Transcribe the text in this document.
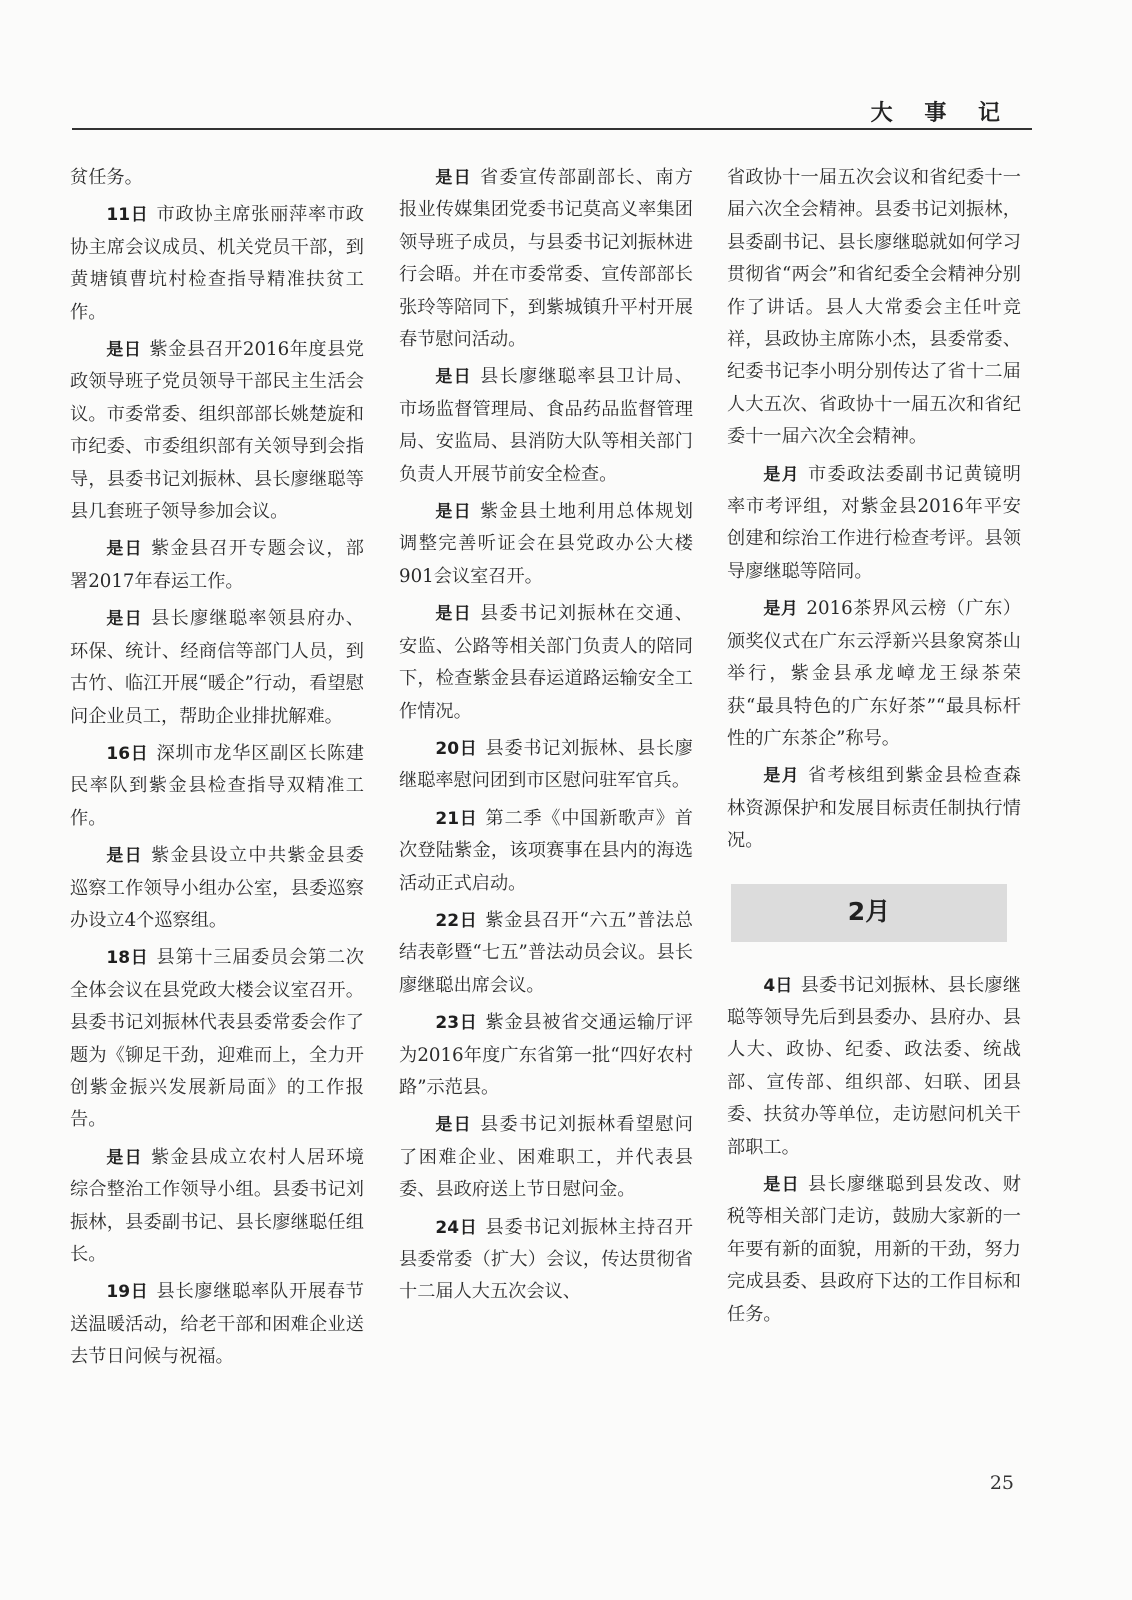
大 事 记

贫任务。

11日 市政协主席张丽萍率市政协主席会议成员、机关党员干部，到黄塘镇曹坑村检查指导精准扶贫工作。

是日 紫金县召开2016年度县党政领导班子党员领导干部民主生活会议。市委常委、组织部部长姚楚旋和市纪委、市委组织部有关领导到会指导，县委书记刘振林、县长廖继聪等县几套班子领导参加会议。

是日 紫金县召开专题会议，部署2017年春运工作。

是日 县长廖继聪率领县府办、环保、统计、经商信等部门人员，到古竹、临江开展“暖企”行动，看望慰问企业员工，帮助企业排扰解难。

16日 深圳市龙华区副区长陈建民率队到紫金县检查指导双精准工作。

是日 紫金县设立中共紫金县委巡察工作领导小组办公室，县委巡察办设立4个巡察组。

18日 县第十三届委员会第二次全体会议在县党政大楼会议室召开。县委书记刘振林代表县委常委会作了题为《铆足干劲，迎难而上，全力开创紫金振兴发展新局面》的工作报告。

是日 紫金县成立农村人居环境综合整治工作领导小组。县委书记刘振林，县委副书记、县长廖继聪任组长。

19日 县长廖继聪率队开展春节送温暖活动，给老干部和困难企业送去节日问候与祝福。

是日 省委宣传部副部长、南方报业传媒集团党委书记莫高义率集团领导班子成员，与县委书记刘振林进行会晤。并在市委常委、宣传部部长张玲等陪同下，到紫城镇升平村开展春节慰问活动。

是日 县长廖继聪率县卫计局、市场监督管理局、食品药品监督管理局、安监局、县消防大队等相关部门负责人开展节前安全检查。

是日 紫金县土地利用总体规划调整完善听证会在县党政办公大楼901会议室召开。

是日 县委书记刘振林在交通、安监、公路等相关部门负责人的陪同下，检查紫金县春运道路运输安全工作情况。

20日 县委书记刘振林、县长廖继聪率慰问团到市区慰问驻军官兵。

21日 第二季《中国新歌声》首次登陆紫金，该项赛事在县内的海选活动正式启动。

22日 紫金县召开“六五”普法总结表彰暨“七五”普法动员会议。县长廖继聪出席会议。

23日 紫金县被省交通运输厅评为2016年度广东省第一批“四好农村路”示范县。

是日 县委书记刘振林看望慰问了困难企业、困难职工，并代表县委、县政府送上节日慰问金。

24日 县委书记刘振林主持召开县委常委（扩大）会议，传达贯彻省十二届人大五次会议、

省政协十一届五次会议和省纪委十一届六次全会精神。县委书记刘振林，县委副书记、县长廖继聪就如何学习贯彻省“两会”和省纪委全会精神分别作了讲话。县人大常委会主任叶竞祥，县政协主席陈小杰，县委常委、纪委书记李小明分别传达了省十二届人大五次、省政协十一届五次和省纪委十一届六次全会精神。

是月 市委政法委副书记黄镜明率市考评组，对紫金县2016年平安创建和综治工作进行检查考评。县领导廖继聪等陪同。

是月 2016茶界风云榜（广东）颁奖仪式在广东云浮新兴县象窝茶山举行，紫金县承龙嶂龙王绿茶荣获“最具特色的广东好茶”“最具标杆性的广东茶企”称号。

是月 省考核组到紫金县检查森林资源保护和发展目标责任制执行情况。

2月

4日 县委书记刘振林、县长廖继聪等领导先后到县委办、县府办、县人大、政协、纪委、政法委、统战部、宣传部、组织部、妇联、团县委、扶贫办等单位，走访慰问机关干部职工。

是日 县长廖继聪到县发改、财税等相关部门走访，鼓励大家新的一年要有新的面貌，用新的干劲，努力完成县委、县政府下达的工作目标和任务。

25
